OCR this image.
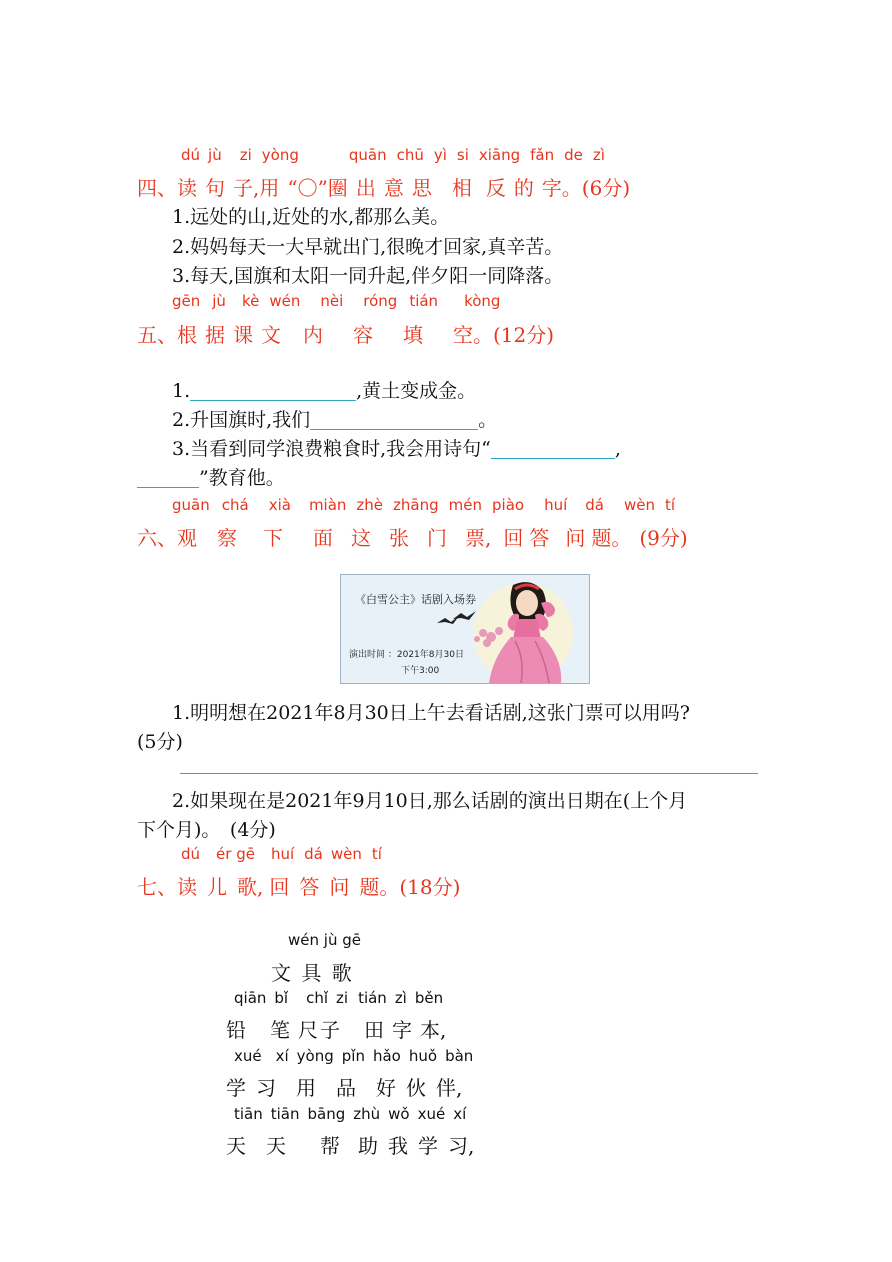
dú jù zi yòng	quān chū yì si xiāng fǎn de zì
四、读 句 子,用 “〇”圈 出 意 思 相 反 的 字。(6分)
1.远处的山,近处的水,都那么美。
2.妈妈每天一大早就出门,很晚才回家,真辛苦。
3.每天,国旗和太阳一同升起,伴夕阳一同降落。
gēn jù kè wén nèi róng tián kòng
五、根 据 课 文 内 容 填 空。(12分)
1.	,黄土变成金。
2.升国旗时,我们	。
3.当看到同学浪费粮食时,我会用诗句“	,
”教育他。
guān chá xià miàn zhè zhāng mén piào huí dá wèn tí
六、观 察 下 面 这 张 门 票, 回 答 问 题。 (9分)
《白雪公主》话剧入场券
演出时间 ：2021年8月30日
下午3:00
1.明明想在2021年8月30日上午去看话剧,这张门票可以用吗?
(5分)
2.如果现在是2021年9月10日,那么话剧的演出日期在(上个月
下个月)。　(4分)
dú ér gē huí dá wèn tí
七、读 儿 歌, 回 答 问 题。(18分)
wén jù gē
文 具 歌
qiān bǐ chǐ zi tián zì běn
铅 笔 尺 子 田 字 本,
xué xí yòng pǐn hǎo huǒ bàn
学 习 用 品 好 伙 伴,
tiān tiān bāng zhù wǒ xué xí
天 天 帮 助 我 学 习,
